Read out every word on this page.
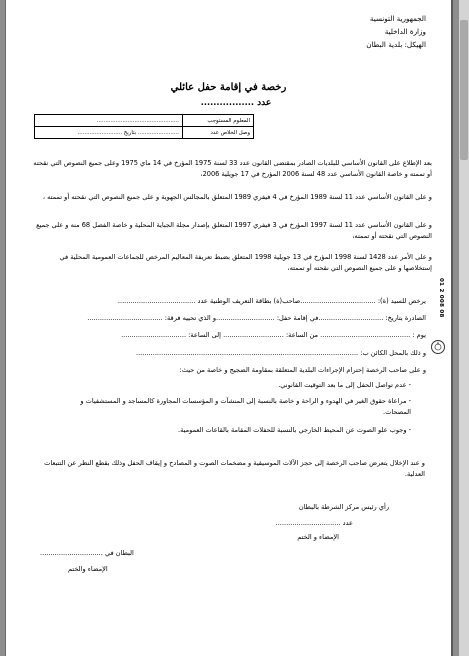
الجمهورية التونسية
وزارة الداخلية
الهيكل: بلدية البطان
رخصة في إقامة حفل عائلي
عدد .................
المعلوم المستوجب	................................................
وصل الخلاص عدد	........................ بتاريخ ..........................
بعد الإطلاع على القانون الأساسي للبلديات الصادر بمقتضى القانون عدد 33 لسنة 1975 المؤرخ في 14 ماي 1975 وعلى جميع النصوص التي نقحته أو تممته و خاصة القانون الأساسي عدد 48 لسنة 2006 المؤرخ في 17 جويلية 2006،
و على القانون الأساسي عدد 11 لسنة 1989 المؤرخ في 4 فيفري 1989 المتعلق بالمجالس الجهوية و على جميع النصوص التي نقحته أو تممته ،
و على القانون الأساسي عدد 11 لسنة 1997 المؤرخ في 3 فيفري 1997 المتعلق بإصدار مجلة الجباية المحلية و خاصة الفصل 68 منه و على جميع النصوص التي نقحته أو تممته،
و على الأمر عدد 1428 لسنة 1998 المؤرخ في 13 جويلية 1998 المتعلق بضبط تعريفة المعاليم المرخص للجماعات العمومية المحلية في إستخلاصها و على جميع النصوص التي نقحته أو تممته،
يرخص للسيد (ة): ....................................صاحب(ة) بطاقة التعريف الوطنية عدد .....................................
الصادرة بتاريخ: ...............................في إقامة حفل: ............................و الذي تحييه فرقة: ....................................
يوم : ........................................... من الساعة: ............................. إلى الساعة: ...............................
و ذلك بالمحل الكائن ب: ..........................................................................................................
و على صاحب الرخصة إحترام الإجراءات البلدية المتعلقة بمقاومة الضجيج و خاصة من حيث:
- عدم تواصل الحفل إلى ما بعد التوقيت القانوني.
- مراعاة حقوق الغير في الهدوء و الراحة و خاصة بالنسبة إلى المنشآت و المؤسسات المجاورة كالمساجد و المستشفيات و المصحات.
- وجوب علو الصوت عن المحيط الخارجي بالنسبة للحفلات المقامة بالقاعات العمومية.
و عند الإخلال يتعرض صاحب الرخصة إلى حجز الآلات الموسيقية و مضخمات الصوت و المصادح و إيقاف الحفل وذلك بقطع النظر عن التتبعات العدلية.
رأي رئيس مركز الشرطة بالبطان
عدد ...............................
الإمضاء و الختم
البطان في ..............................
الإمضاء والختم
01 2 008 08
